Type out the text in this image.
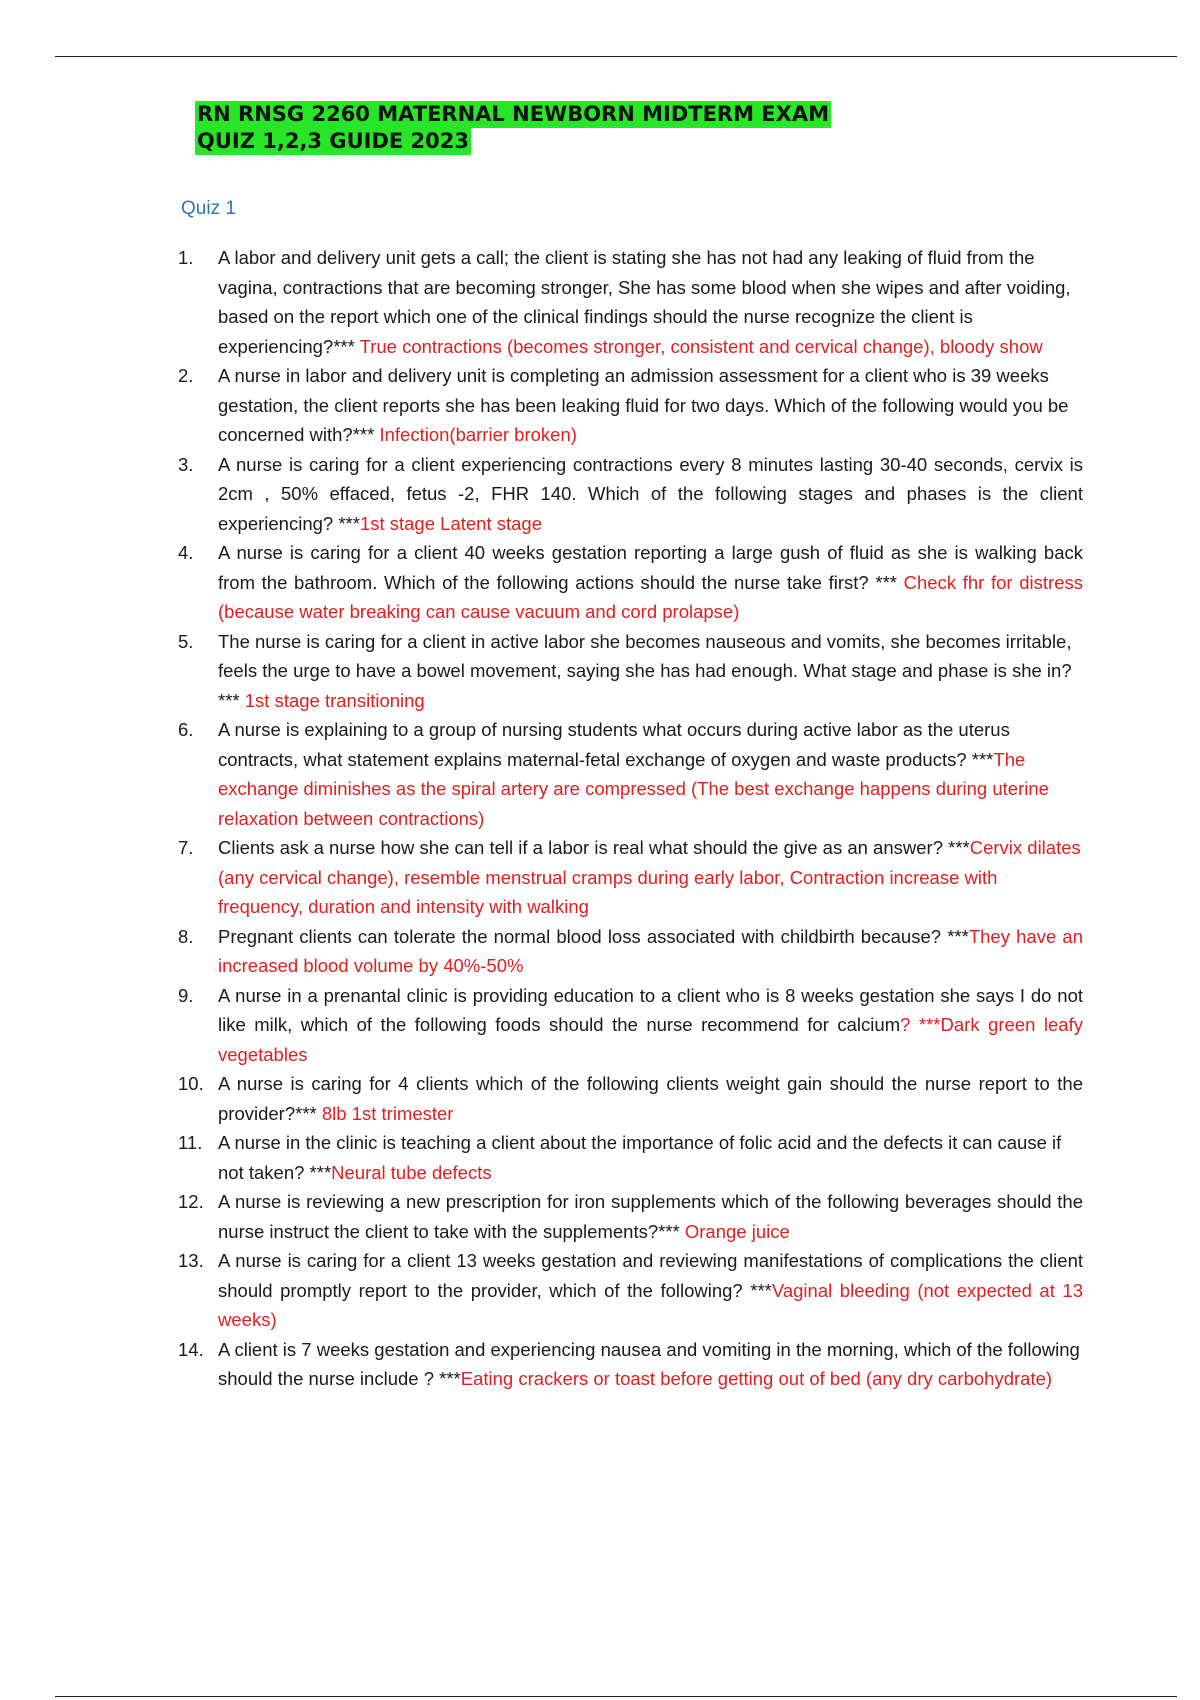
RN RNSG 2260 MATERNAL NEWBORN MIDTERM EXAM
QUIZ 1,2,3 GUIDE 2023
Quiz 1
1.	A labor and delivery unit gets a call; the client is stating she has not had any leaking of fluid from the vagina, contractions that are becoming stronger, She has some blood when she wipes and after voiding, based on the report which one of the clinical findings should the nurse recognize the client is experiencing?*** True contractions (becomes stronger, consistent and cervical change), bloody show
2.	A nurse in labor and delivery unit is completing an admission assessment for a client who is 39 weeks gestation, the client reports she has been leaking fluid for two days. Which of the following would you be concerned with?*** Infection(barrier broken)
3.	A nurse is caring for a client experiencing contractions every 8 minutes lasting 30-40 seconds, cervix is 2cm , 50% effaced, fetus -2, FHR 140. Which of the following stages and phases is the client experiencing? ***1st stage Latent stage
4.	A nurse is caring for a client 40 weeks gestation reporting a large gush of fluid as she is walking back from the bathroom. Which of the following actions should the nurse take first? *** Check fhr for distress (because water breaking can cause vacuum and cord prolapse)
5.	The nurse is caring for a client in active labor she becomes nauseous and vomits, she becomes irritable, feels the urge to have a bowel movement, saying she has had enough. What stage and phase is she in?*** 1st stage transitioning
6.	A nurse is explaining to a group of nursing students what occurs during active labor as the uterus contracts, what statement explains maternal-fetal exchange of oxygen and waste products? ***The exchange diminishes as the spiral artery are compressed (The best exchange happens during uterine relaxation between contractions)
7.	Clients ask a nurse how she can tell if a labor is real what should the give as an answer? ***Cervix dilates (any cervical change), resemble menstrual cramps during early labor, Contraction increase with frequency, duration and intensity with walking
8.	Pregnant clients can tolerate the normal blood loss associated with childbirth because? ***They have an increased blood volume by 40%-50%
9.	A nurse in a prenantal clinic is providing education to a client who is 8 weeks gestation she says I do not like milk, which of the following foods should the nurse recommend for calcium? ***Dark green leafy vegetables
10. A nurse is caring for 4 clients which of the following clients weight gain should the nurse report to the provider?*** 8lb 1st trimester
11. A nurse in the clinic is teaching a client about the importance of folic acid and the defects it can cause if not taken? ***Neural tube defects
12. A nurse is reviewing a new prescription for iron supplements which of the following beverages should the nurse instruct the client to take with the supplements?*** Orange juice
13. A nurse is caring for a client 13 weeks gestation and reviewing manifestations of complications the client should promptly report to the provider, which of the following? ***Vaginal bleeding (not expected at 13 weeks)
14. A client is 7 weeks gestation and experiencing nausea and vomiting in the morning, which of the following should the nurse include ? ***Eating crackers or toast before getting out of bed (any dry carbohydrate)
